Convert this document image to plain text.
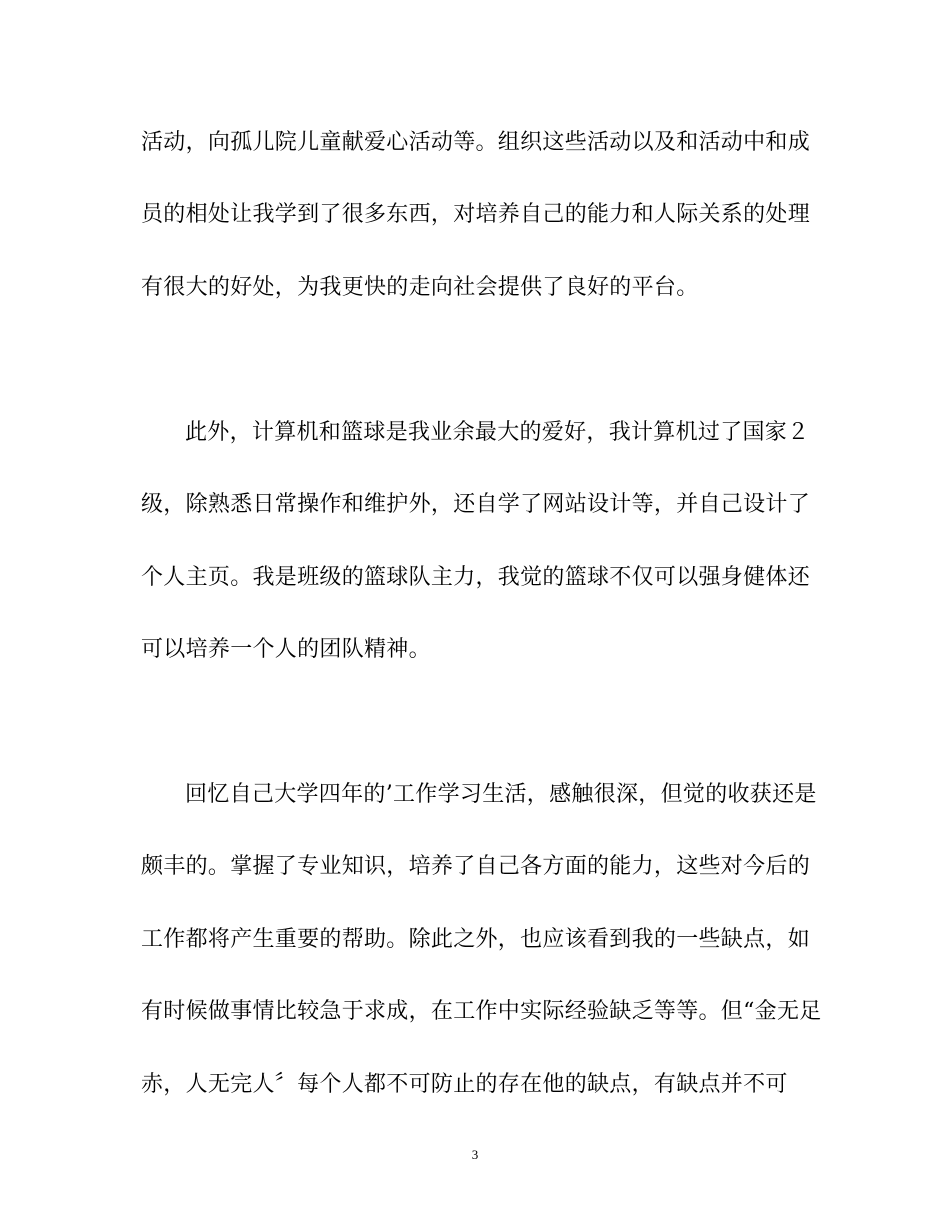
活动，向孤儿院儿童献爱心活动等。组织这些活动以及和活动中和成
员的相处让我学到了很多东西，对培养自己的能力和人际关系的处理
有很大的好处，为我更快的走向社会提供了良好的平台。
此外，计算机和篮球是我业余最大的爱好，我计算机过了国家２
级，除熟悉日常操作和维护外，还自学了网站设计等，并自己设计了
个人主页。我是班级的篮球队主力，我觉的篮球不仅可以强身健体还
可以培养一个人的团队精神。
回忆自己大学四年的’工作学习生活，感触很深，但觉的收获还是
颇丰的。掌握了专业知识，培养了自己各方面的能力，这些对今后的
工作都将产生重要的帮助。除此之外，也应该看到我的一些缺点，如
有时候做事情比较急于求成，在工作中实际经验缺乏等等。但“金无足
赤，人无完人〞每个人都不可防止的存在他的缺点，有缺点并不可
3
